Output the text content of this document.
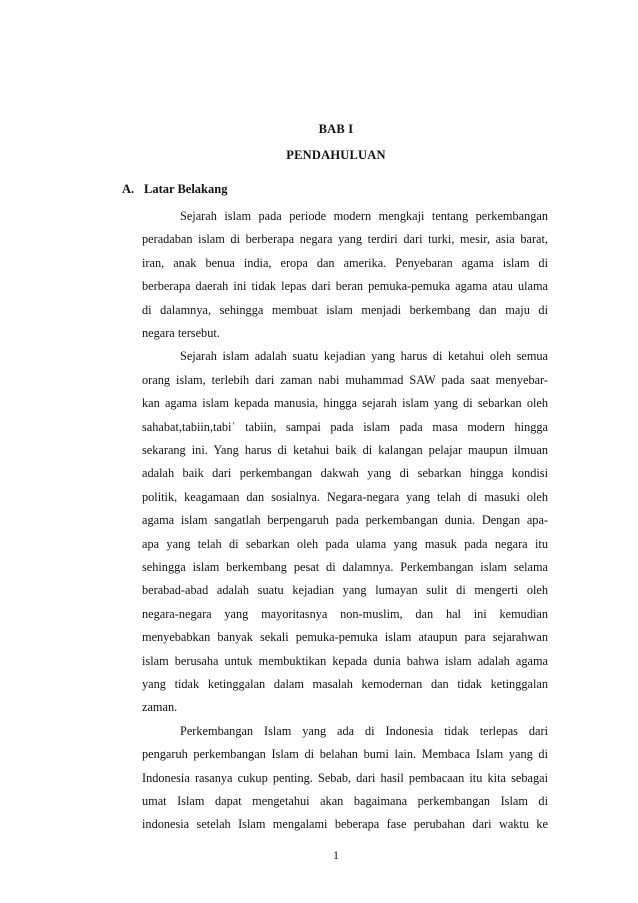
BAB I
PENDAHULUAN
A. Latar Belakang
Sejarah islam pada periode modern mengkaji tentang perkembangan
peradaban islam di berberapa negara yang terdiri dari turki, mesir, asia barat,
iran, anak benua india, eropa dan amerika. Penyebaran agama islam di
berberapa daerah ini tidak lepas dari beran pemuka-pemuka agama atau ulama
di dalamnya, sehingga membuat islam menjadi berkembang dan maju di
negara tersebut.
Sejarah islam adalah suatu kejadian yang harus di ketahui oleh semua
orang islam, terlebih dari zaman nabi muhammad SAW pada saat menyebar-
kan agama islam kepada manusia, hingga sejarah islam yang di sebarkan oleh
sahabat,tabiin,tabiʾ tabiin, sampai pada islam pada masa modern hingga
sekarang ini. Yang harus di ketahui baik di kalangan pelajar maupun ilmuan
adalah baik dari perkembangan dakwah yang di sebarkan hingga kondisi
politik, keagamaan dan sosialnya. Negara-negara yang telah di masuki oleh
agama islam sangatlah berpengaruh pada perkembangan dunia. Dengan apa-
apa yang telah di sebarkan oleh pada ulama yang masuk pada negara itu
sehingga islam berkembang pesat di dalamnya. Perkembangan islam selama
berabad-abad adalah suatu kejadian yang lumayan sulit di mengerti oleh
negara-negara yang mayoritasnya non-muslim, dan hal ini kemudian
menyebabkan banyak sekali pemuka-pemuka islam ataupun para sejarahwan
islam berusaha untuk membuktikan kepada dunia bahwa islam adalah agama
yang tidak ketinggalan dalam masalah kemodernan dan tidak ketinggalan
zaman.
Perkembangan Islam yang ada di Indonesia tidak terlepas dari
pengaruh perkembangan Islam di belahan bumi lain. Membaca Islam yang di
Indonesia rasanya cukup penting. Sebab, dari hasil pembacaan itu kita sebagai
umat Islam dapat mengetahui akan bagaimana perkembangan Islam di
indonesia setelah Islam mengalami beberapa fase perubahan dari waktu ke
1
